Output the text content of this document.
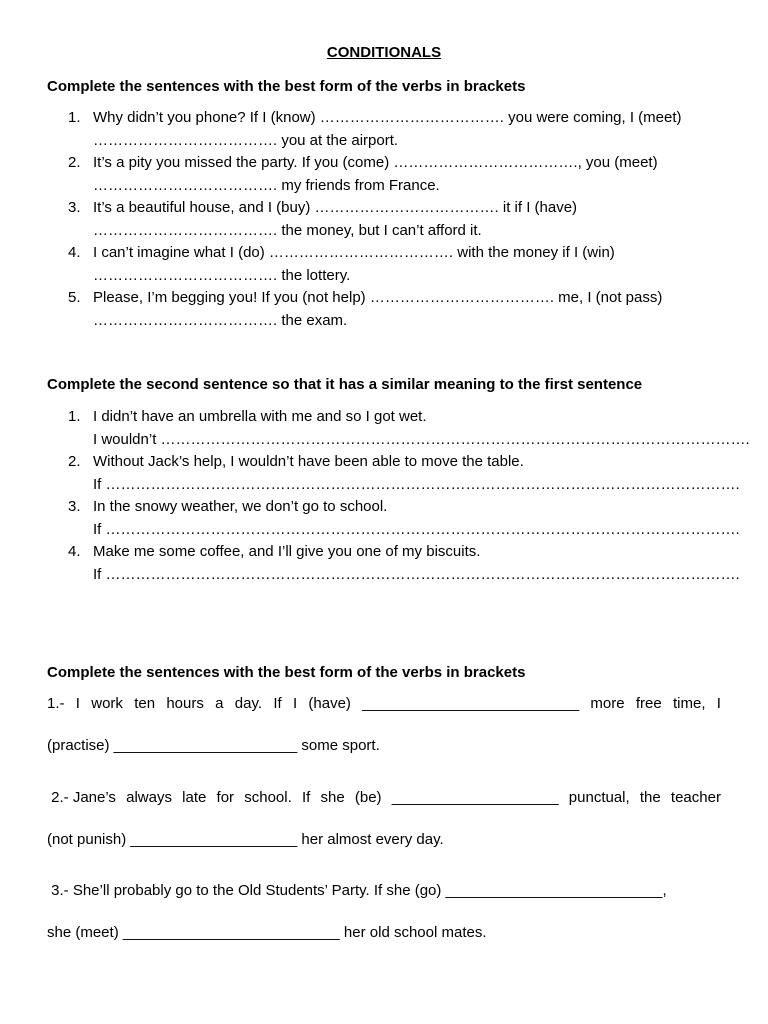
CONDITIONALS
Complete the sentences with the best form of the verbs in brackets
1. Why didn’t you phone? If I (know) ………………………………. you were coming, I (meet)
………………………………. you at the airport.
2. It’s a pity you missed the party. If you (come) ………………………………., you (meet)
………………………………. my friends from France.
3. It’s a beautiful house, and I (buy) ………………………………. it if I (have)
………………………………. the money, but I can’t afford it.
4. I can’t imagine what I (do) ………………………………. with the money if I (win)
………………………………. the lottery.
5. Please, I’m begging you! If you (not help) ………………………………. me, I (not pass)
………………………………. the exam.
Complete the second sentence so that it has a similar meaning to the first sentence
1. I didn’t have an umbrella with me and so I got wet.
I wouldn’t ……………………………………………………………………………………………………….
2. Without Jack’s help, I wouldn’t have been able to move the table.
If ……………………………………………………………………………………………………………….
3. In the snowy weather, we don’t go to school.
If ……………………………………………………………………………………………………………….
4. Make me some coffee, and I’ll give you one of my biscuits.
If ……………………………………………………………………………………………………………….
Complete the sentences with the best form of the verbs in brackets
1.- I work ten hours a day. If I (have) __________________________ more free time, I
(practise) ______________________ some sport.
2.- Jane’s always late for school. If she (be) ____________________ punctual, the teacher
(not punish) ____________________ her almost every day.
3.- She’ll probably go to the Old Students’ Party. If she (go) __________________________,
she (meet) __________________________ her old school mates.
